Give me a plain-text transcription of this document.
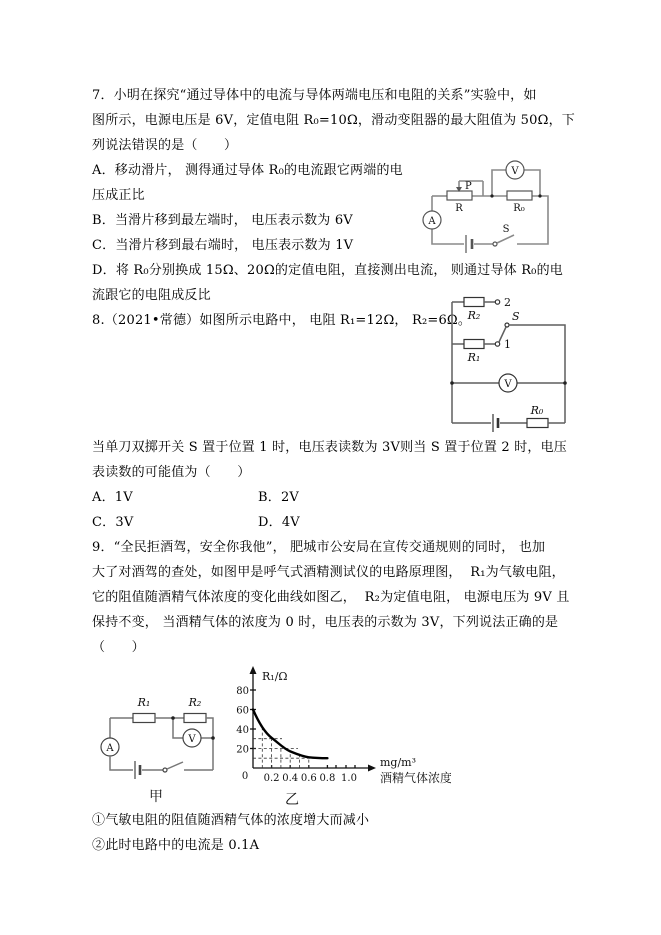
7．小明在探究“通过导体中的电流与导体两端电压和电阻的关系”实验中，如
图所示，电源电压是 6V，定值电阻 R₀=10Ω，滑动变阻器的最大阻值为 50Ω，下
列说法错误的是（　　）
A．移动滑片， 测得通过导体 R₀的电流跟它两端的电
压成正比
B．当滑片移到最左端时， 电压表示数为 6V
C．当滑片移到最右端时， 电压表示数为 1V
D．将 R₀分别换成 15Ω、20Ω的定值电阻，直接测出电流， 则通过导体 R₀的电
流跟它的电阻成反比
8.（2021•常德）如图所示电路中， 电阻 R₁=12Ω， R₂=6Ω。
当单刀双掷开关 S 置于位置 1 时，电压表读数为 3V则当 S 置于位置 2 时，电压
表读数的可能值为（　　）
A．1V	B．2V
C．3V	D．4V
9．“全民拒酒驾，安全你我他”， 肥城市公安局在宣传交通规则的同时， 也加
大了对酒驾的查处，如图甲是呼气式酒精测试仪的电路原理图，  R₁为气敏电阻，
它的阻值随酒精气体浓度的变化曲线如图乙，  R₂为定值电阻， 电源电压为 9V 且
保持不变， 当酒精气体的浓度为 0 时，电压表的示数为 3V，下列说法正确的是
（　　）
①气敏电阻的阻值随酒精气体的浓度增大而减小
②此时电路中的电流是 0.1A
P
R	R₀
V
A
S
2
R₂
1
R₁
S
V
R₀
R₁	R₂
V
A
甲
80
60
40
20
0 0.2 0.4 0.6 0.8 1.0
R₁/Ω
mg/m³
酒精气体浓度
乙
